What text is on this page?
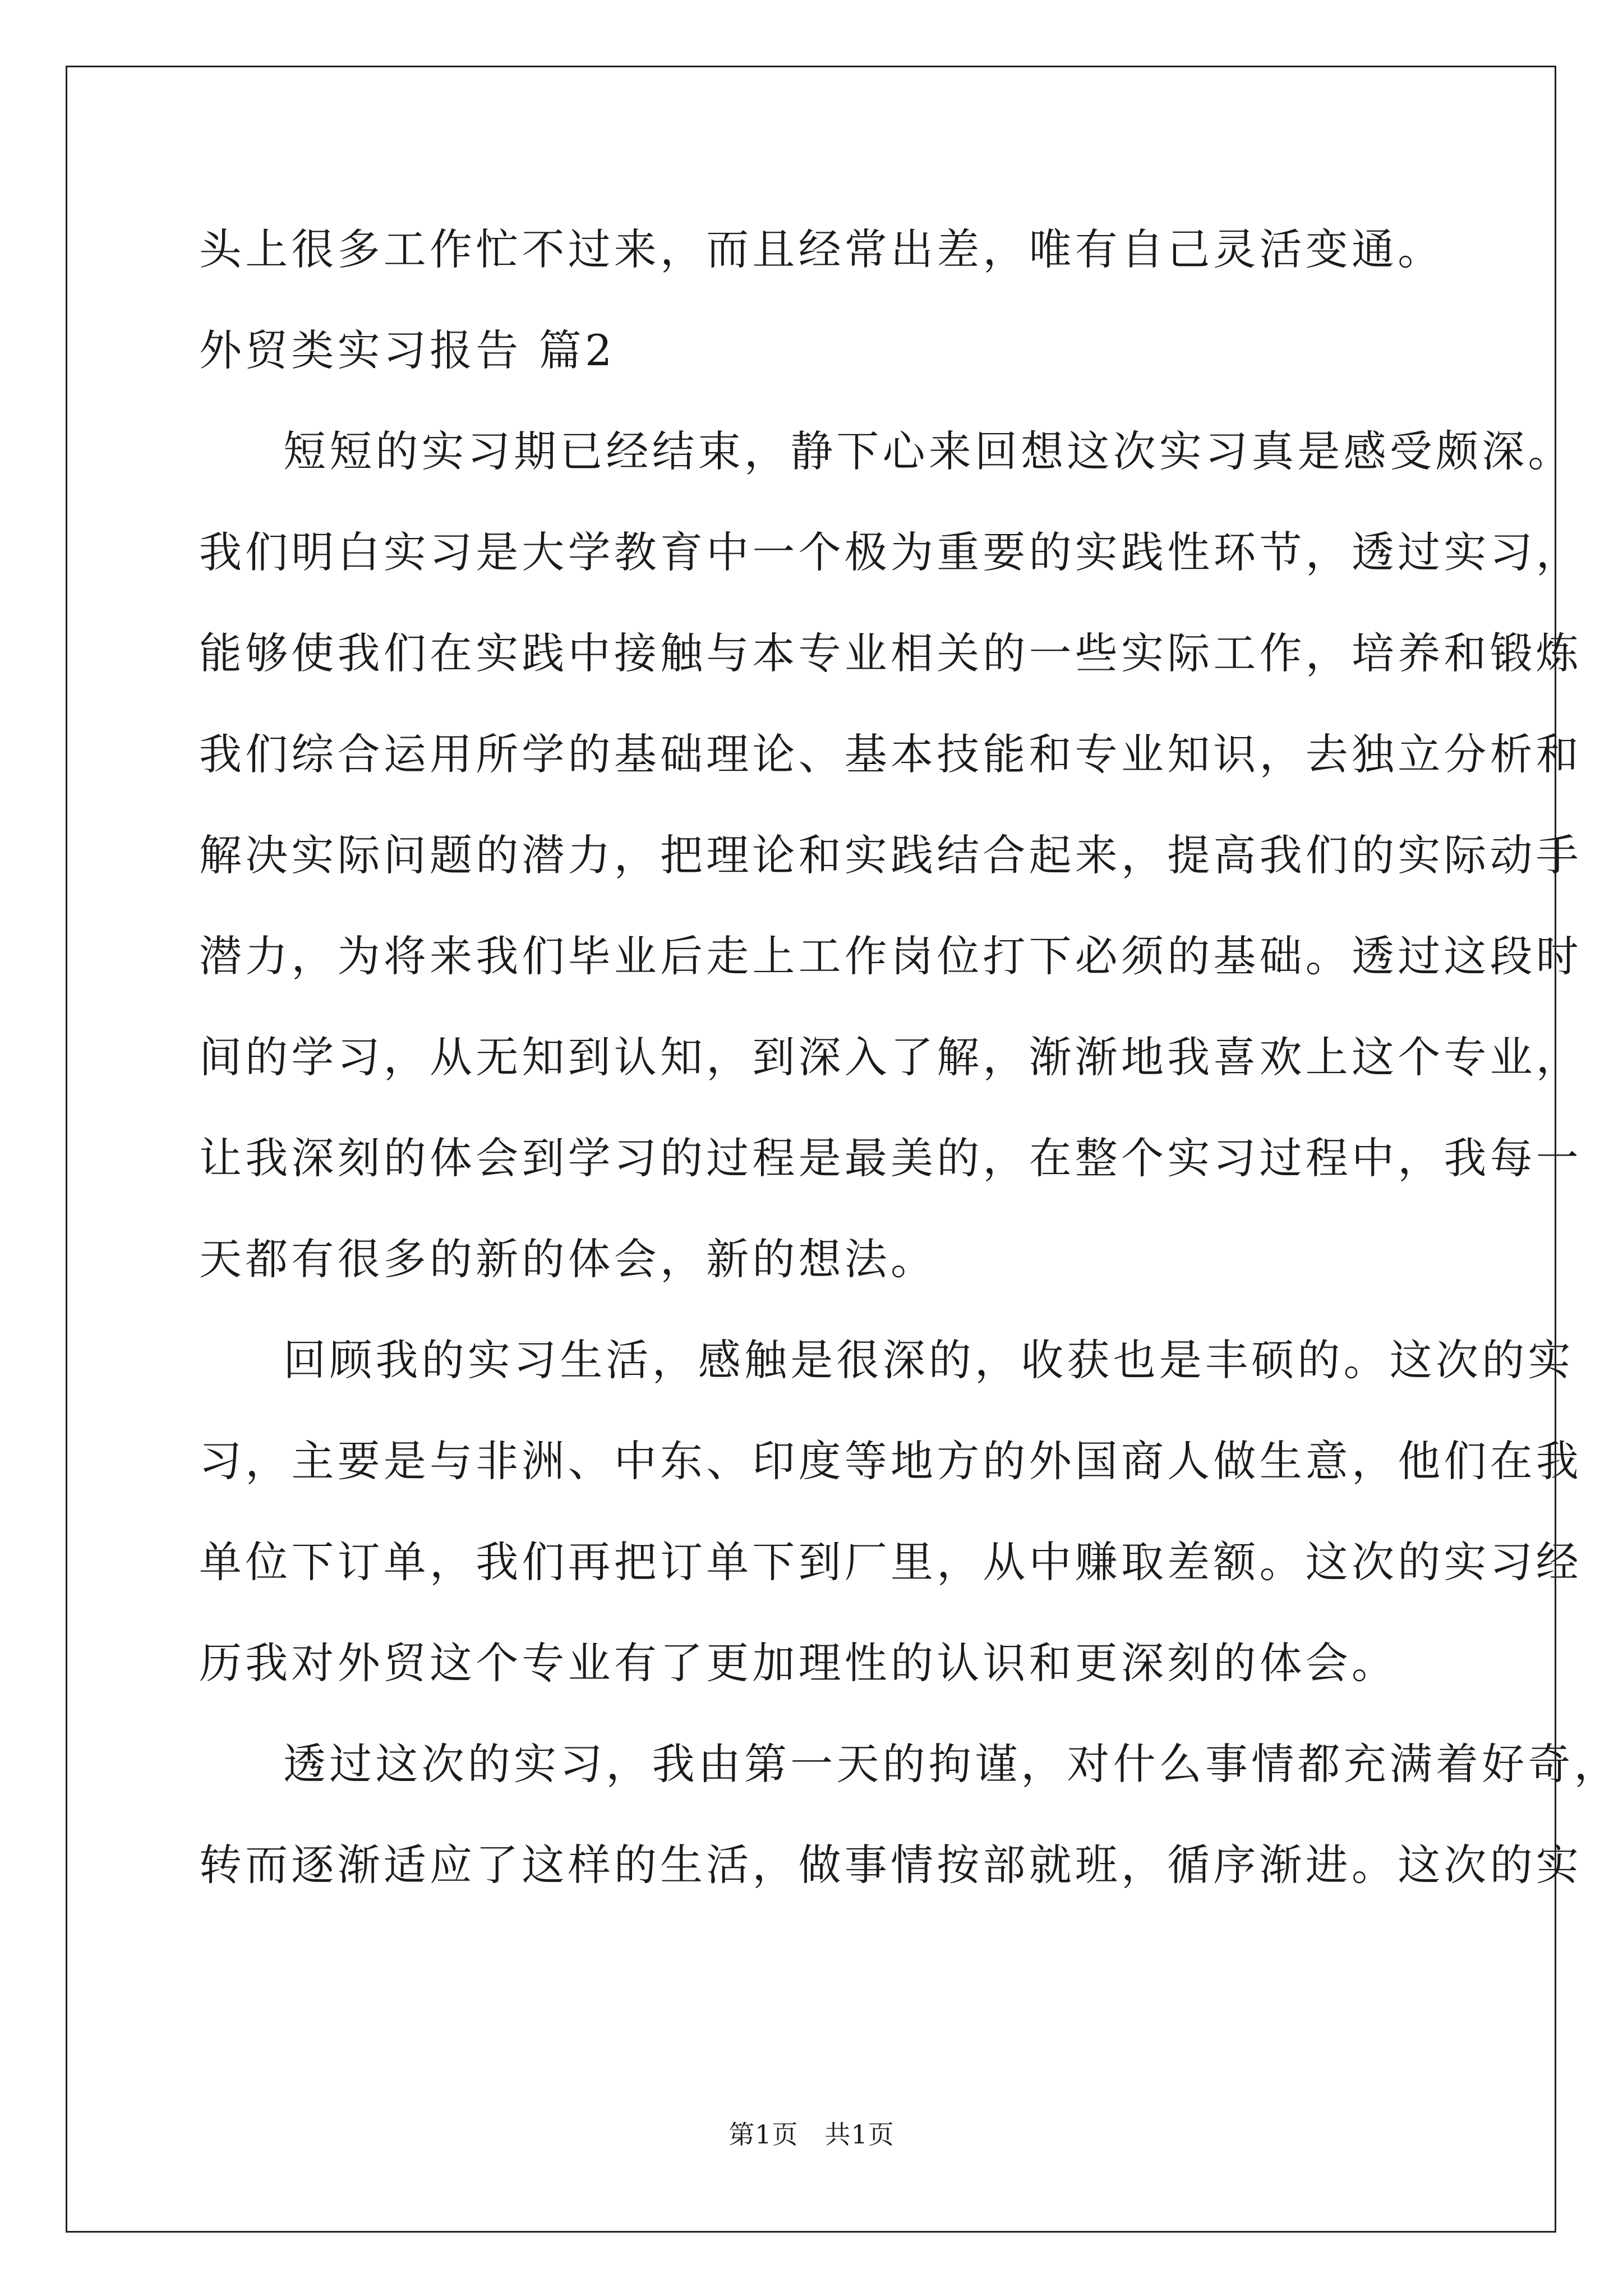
头上很多工作忙不过来，而且经常出差，唯有自己灵活变通。
外贸类实习报告 篇2
短短的实习期已经结束，静下心来回想这次实习真是感受颇深。
我们明白实习是大学教育中一个极为重要的实践性环节，透过实习，
能够使我们在实践中接触与本专业相关的一些实际工作，培养和锻炼
我们综合运用所学的基础理论、基本技能和专业知识，去独立分析和
解决实际问题的潜力，把理论和实践结合起来，提高我们的实际动手
潜力，为将来我们毕业后走上工作岗位打下必须的基础。透过这段时
间的学习，从无知到认知，到深入了解，渐渐地我喜欢上这个专业，
让我深刻的体会到学习的过程是最美的，在整个实习过程中，我每一
天都有很多的新的体会，新的想法。
回顾我的实习生活，感触是很深的，收获也是丰硕的。这次的实
习，主要是与非洲、中东、印度等地方的外国商人做生意，他们在我
单位下订单，我们再把订单下到厂里，从中赚取差额。这次的实习经
历我对外贸这个专业有了更加理性的认识和更深刻的体会。
透过这次的实习，我由第一天的拘谨，对什么事情都充满着好奇，
转而逐渐适应了这样的生活，做事情按部就班，循序渐进。这次的实
第1页　共1页
